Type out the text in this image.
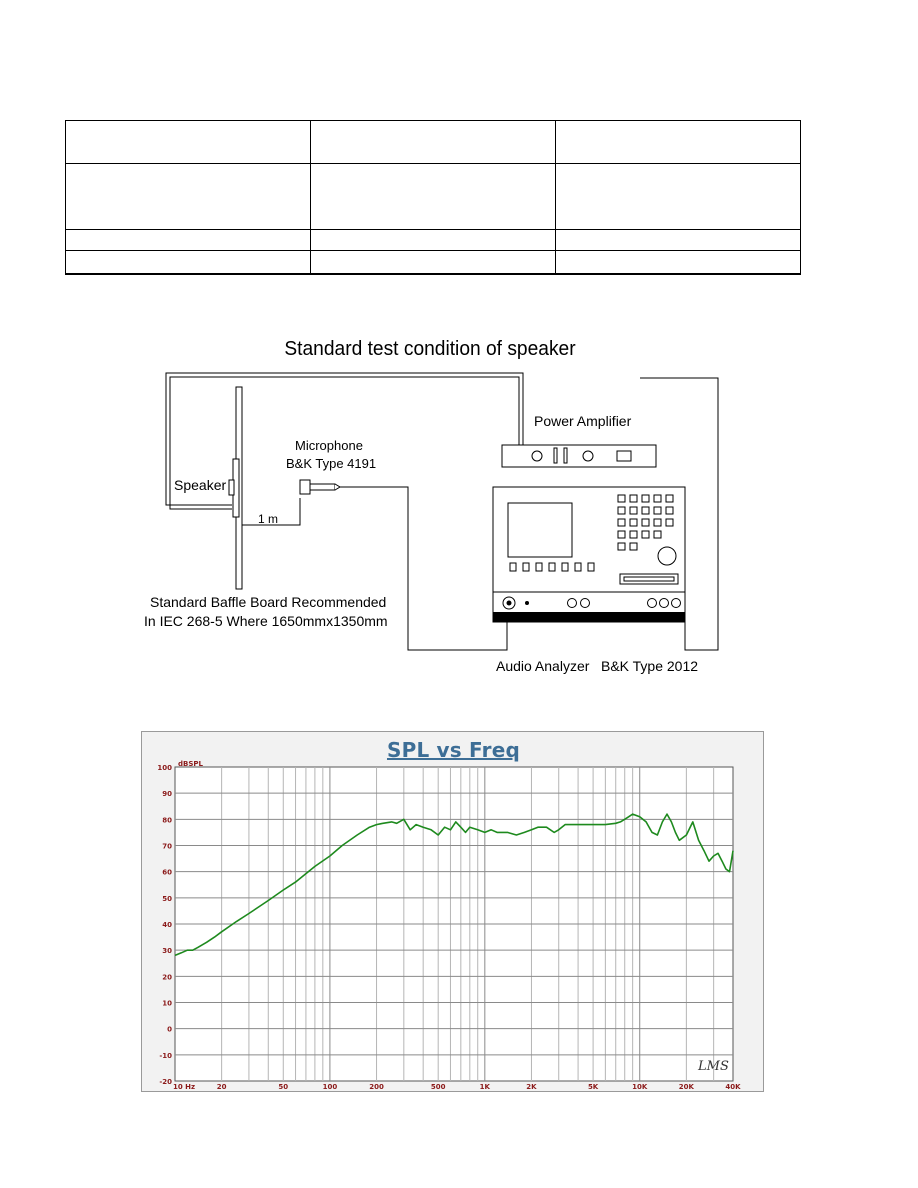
Standard test condition of speaker
Speaker
1 m
Microphone
B&K Type 4191
Power Amplifier
Standard Baffle Board Recommended
In IEC 268-5 Where 1650mmx1350mm
Audio Analyzer B&K Type 2012
SPL vs Freq
-20
-10
0
10
20
30
40
50
60
70
80
90
100
10 Hz	20	50	100	200	500	1K	2K	5K	10K	20K	40K
dBSPL
LMS
